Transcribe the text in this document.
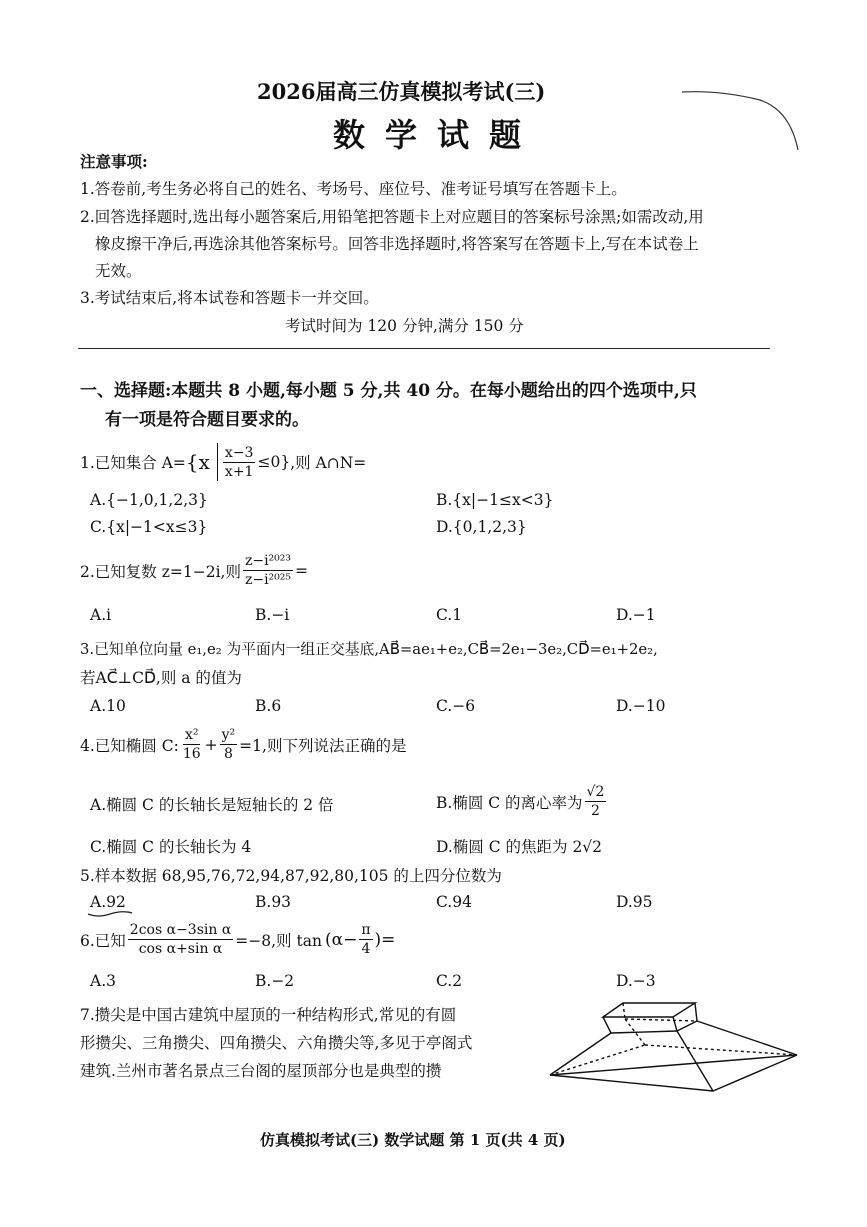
2026届高三仿真模拟考试(三)
数学试题
注意事项:
1.答卷前,考生务必将自己的姓名、考场号、座位号、准考证号填写在答题卡上。
2.回答选择题时,选出每小题答案后,用铅笔把答题卡上对应题目的答案标号涂黑;如需改动,用
橡皮擦干净后,再选涂其他答案标号。回答非选择题时,将答案写在答题卡上,写在本试卷上
无效。
3.考试结束后,将本试卷和答题卡一并交回。
考试时间为 120 分钟,满分 150 分
一、选择题:本题共 8 小题,每小题 5 分,共 40 分。在每小题给出的四个选项中,只
有一项是符合题目要求的。
1.已知集合 $A= \{x \frac{x-3}{x+1} \le 0\}$ ,则 A∩N=
A.{−1,0,1,2,3}	B.{x|−1≤x<3}
C.{x|−1<x≤3}	D.{0,1,2,3}
2.已知复数 z=1−2i,则 $\frac{\text{z−i²⁰²³}}{\text{z−i²⁰²⁵}}$ =
A.i	B.−i	C.1	D.−1
3.已知单位向量 e₁,e₂ 为平面内一组正交基底,AB⃗=ae₁+e₂,CB⃗=2e₁−3e₂,CD⃗=e₁+2e₂,
若AC⃗⊥CD⃗,则 a 的值为
A.10	B.6	C.−6	D.−10
4.已知椭圆 C: $\frac{\text{x²}}{16} + \frac{\text{y²}}{8} =1$,则下列说法正确的是
A.椭圆 C 的长轴长是短轴长的 2 倍	B.椭圆 C 的离心率为 $\frac{√2}{2}$
C.椭圆 C 的长轴长为 4	D.椭圆 C 的焦距为 2√2
5.样本数据 68,95,76,72,94,87,92,80,105 的上四分位数为
A.92	B.93	C.94	D.95
6.已知 $\frac{\text{2cos α−3sin α}}{\text{cos α+sin α}} =-8$,则 $\tan (\alpha- \frac{\pi}{4}$ )=
A.3	B.−2	C.2	D.−3
7.攒尖是中国古建筑中屋顶的一种结构形式,常见的有圆
形攒尖、三角攒尖、四角攒尖、六角攒尖等,多见于亭阁式
建筑.兰州市著名景点三台阁的屋顶部分也是典型的攒
仿真模拟考试(三) 数学试题 第 1 页(共 4 页)
